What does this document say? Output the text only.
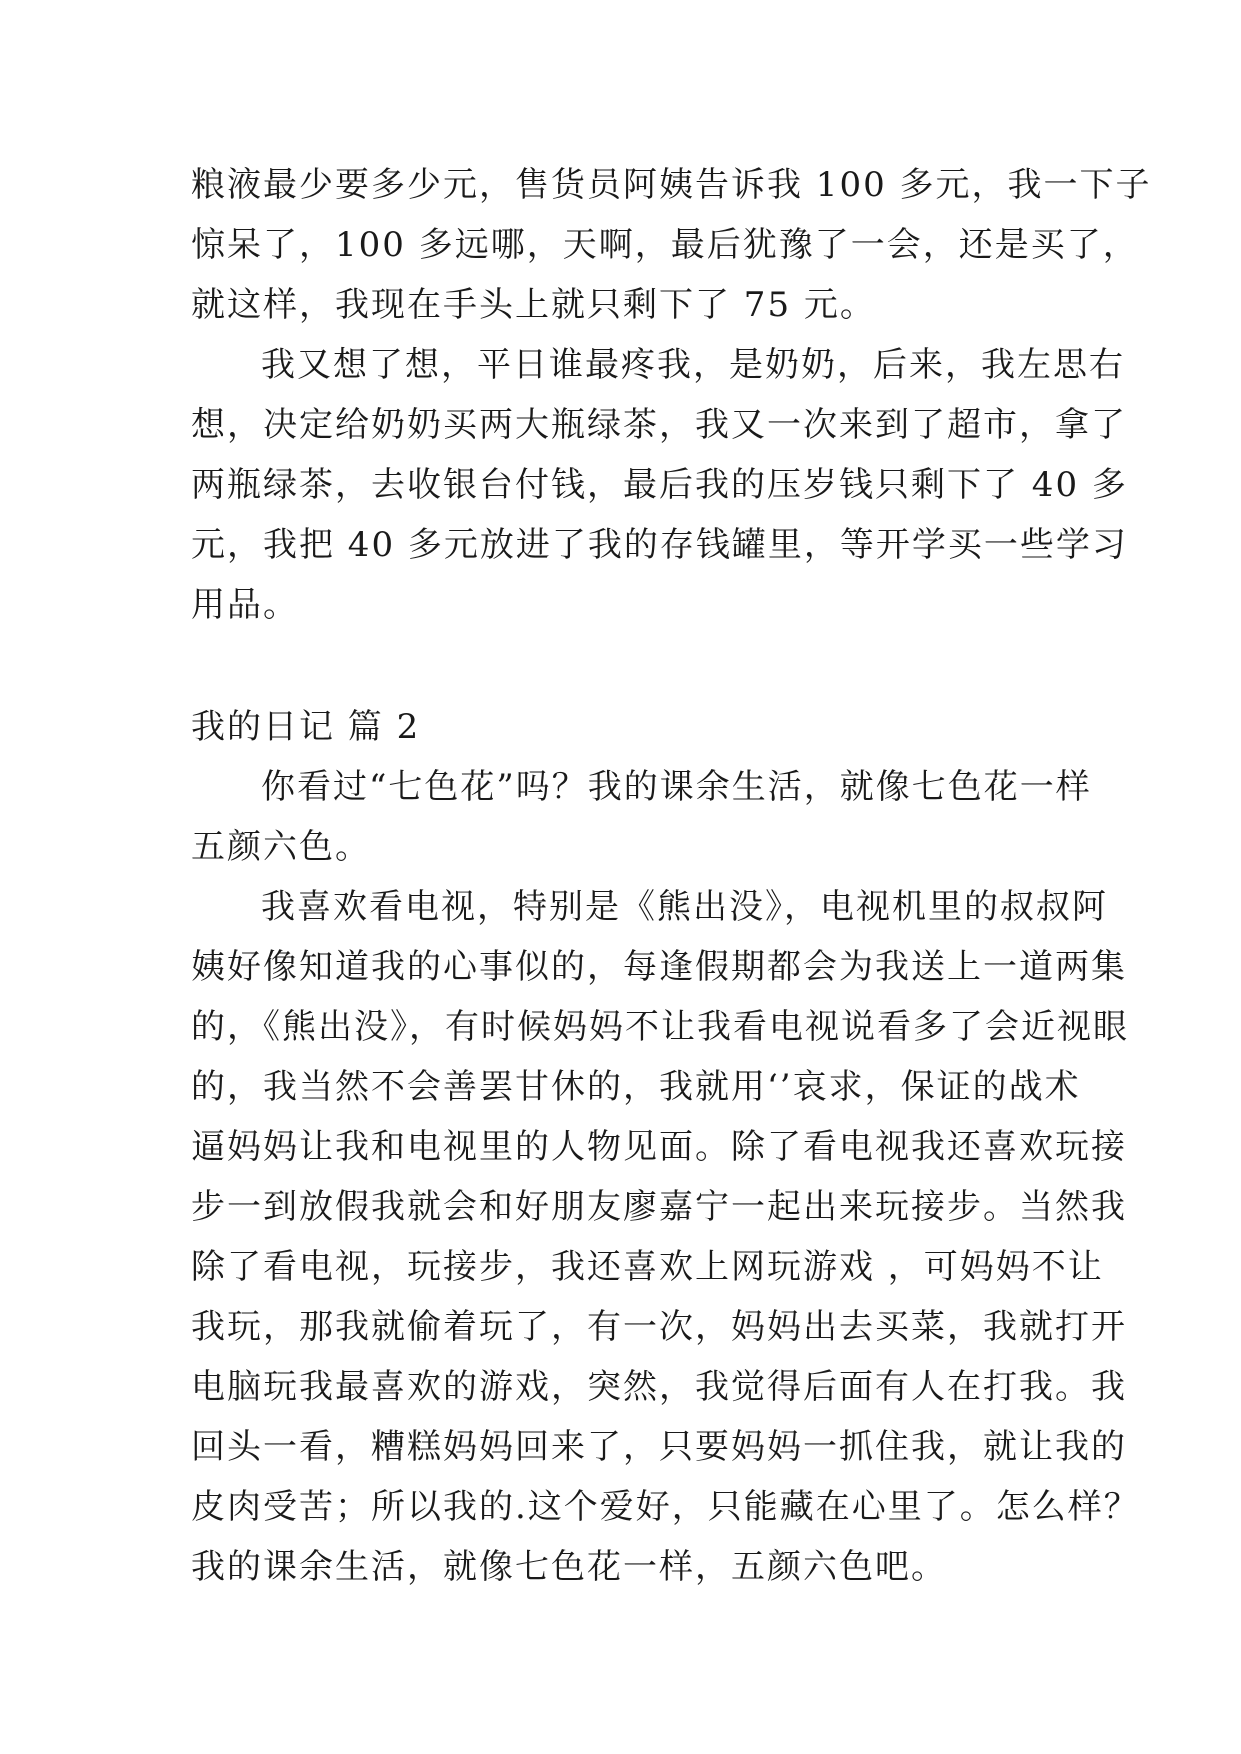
粮液最少要多少元，售货员阿姨告诉我 100 多元，我一下子
惊呆了，100 多远哪，天啊，最后犹豫了一会，还是买了，
就这样，我现在手头上就只剩下了 75 元。
我又想了想，平日谁最疼我，是奶奶，后来，我左思右
想，决定给奶奶买两大瓶绿茶，我又一次来到了超市，拿了
两瓶绿茶，去收银台付钱，最后我的压岁钱只剩下了 40 多
元，我把 40 多元放进了我的存钱罐里，等开学买一些学习
用品。
我的日记 篇 2
你看过“七色花”吗？我的课余生活，就像七色花一样
五颜六色。
我喜欢看电视，特别是《熊出没》，电视机里的叔叔阿
姨好像知道我的心事似的，每逢假期都会为我送上一道两集
的，《熊出没》，有时候妈妈不让我看电视说看多了会近视眼
的，我当然不会善罢甘休的，我就用‘’哀求，保证的战术
逼妈妈让我和电视里的人物见面。除了看电视我还喜欢玩接
步一到放假我就会和好朋友廖嘉宁一起出来玩接步。当然我
除了看电视，玩接步，我还喜欢上网玩游戏 ，可妈妈不让
我玩，那我就偷着玩了，有一次，妈妈出去买菜，我就打开
电脑玩我最喜欢的游戏，突然，我觉得后面有人在打我。我
回头一看，糟糕妈妈回来了，只要妈妈一抓住我，就让我的
皮肉受苦；所以我的.这个爱好，只能藏在心里了。怎么样？
我的课余生活，就像七色花一样，五颜六色吧。
